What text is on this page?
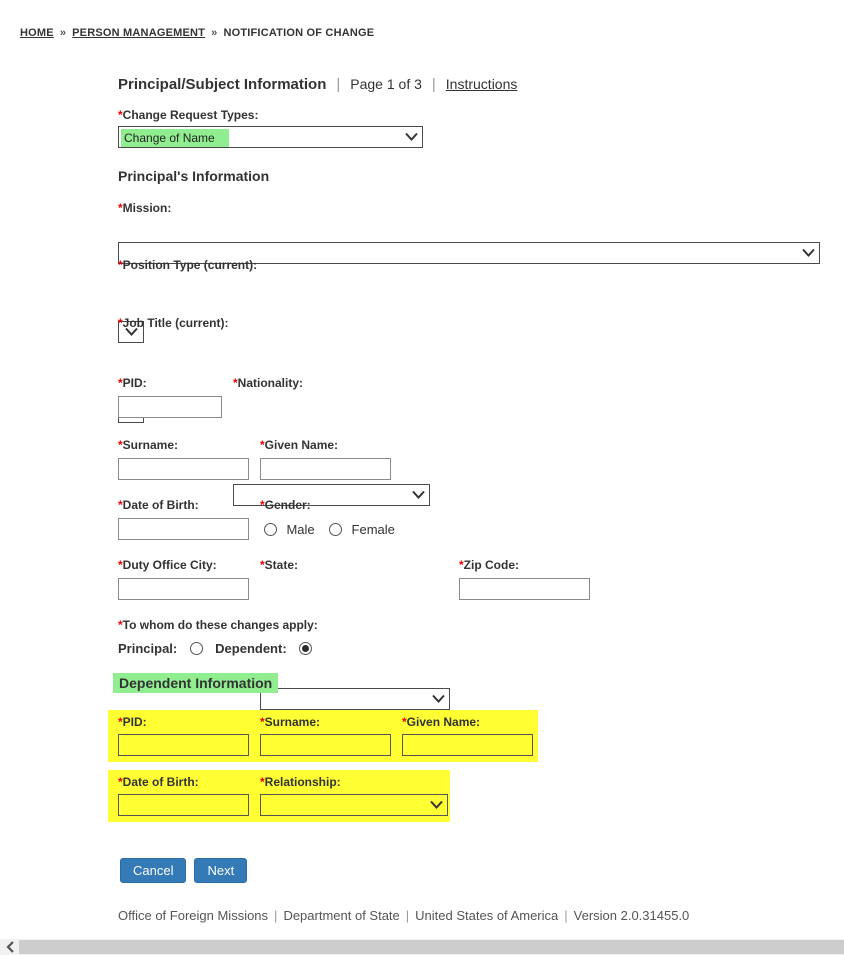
HOME » PERSON MANAGEMENT » NOTIFICATION OF CHANGE
Principal/Subject Information | Page 1 of 3 | Instructions
*Change Request Types:
Change of Name
Principal's Information
*Mission:
*Position Type (current):
*Job Title (current):
*PID:	*Nationality:
*Surname:	*Given Name:
*Date of Birth:	*Gender:
Male	Female
*Duty Office City:	*State:	*Zip Code:
*To whom do these changes apply:
Principal:	Dependent:
Dependent Information
*PID:	*Surname:	*Given Name:
*Date of Birth:	*Relationship:
Cancel	Next
Office of Foreign Missions | Department of State | United States of America | Version 2.0.31455.0
